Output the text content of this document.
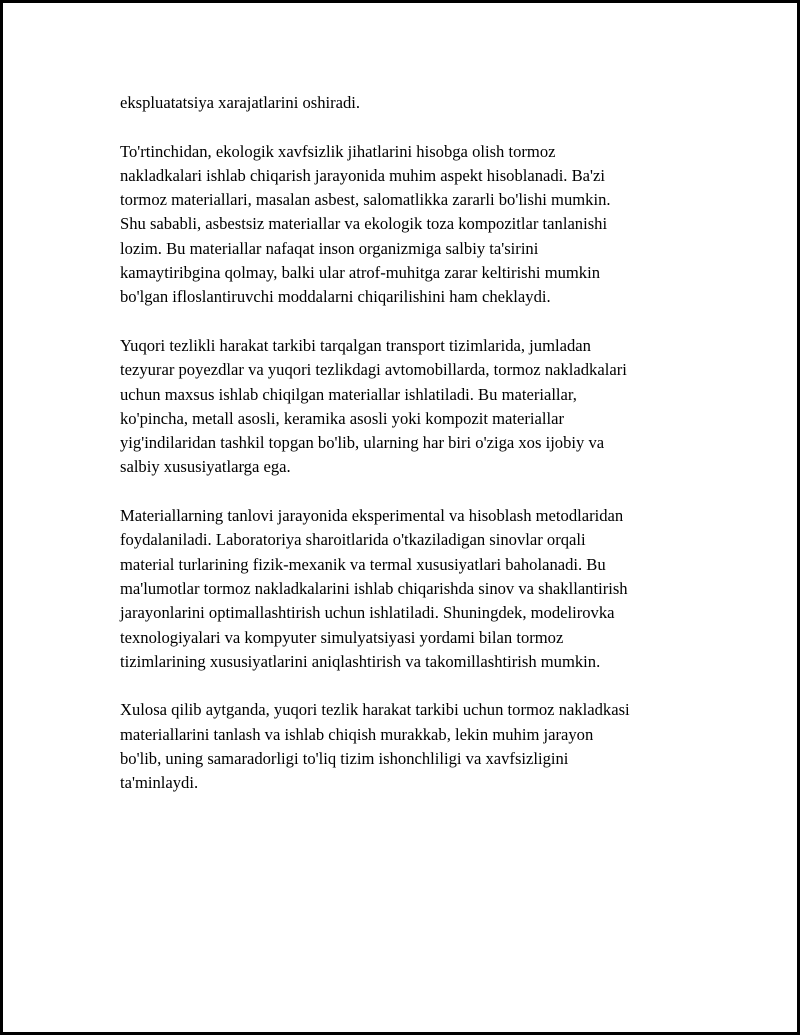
ekspluatatsiya xarajatlarini oshiradi.

To'rtinchidan, ekologik xavfsizlik jihatlarini hisobga olish tormoz
nakladkalari ishlab chiqarish jarayonida muhim aspekt hisoblanadi. Ba'zi
tormoz materiallari, masalan asbest, salomatlikka zararli bo'lishi mumkin.
Shu sababli, asbestsiz materiallar va ekologik toza kompozitlar tanlanishi
lozim. Bu materiallar nafaqat inson organizmiga salbiy ta'sirini
kamaytiribgina qolmay, balki ular atrof-muhitga zarar keltirishi mumkin
bo'lgan ifloslantiruvchi moddalarni chiqarilishini ham cheklaydi.

Yuqori tezlikli harakat tarkibi tarqalgan transport tizimlarida, jumladan
tezyurar poyezdlar va yuqori tezlikdagi avtomobillarda, tormoz nakladkalari
uchun maxsus ishlab chiqilgan materiallar ishlatiladi. Bu materiallar,
ko'pincha, metall asosli, keramika asosli yoki kompozit materiallar
yig'indilaridan tashkil topgan bo'lib, ularning har biri o'ziga xos ijobiy va
salbiy xususiyatlarga ega.

Materiallarning tanlovi jarayonida eksperimental va hisoblash metodlaridan
foydalaniladi. Laboratoriya sharoitlarida o'tkaziladigan sinovlar orqali
material turlarining fizik-mexanik va termal xususiyatlari baholanadi. Bu
ma'lumotlar tormoz nakladkalarini ishlab chiqarishda sinov va shakllantirish
jarayonlarini optimallashtirish uchun ishlatiladi. Shuningdek, modelirovka
texnologiyalari va kompyuter simulyatsiyasi yordami bilan tormoz
tizimlarining xususiyatlarini aniqlashtirish va takomillashtirish mumkin.

Xulosa qilib aytganda, yuqori tezlik harakat tarkibi uchun tormoz nakladkasi
materiallarini tanlash va ishlab chiqish murakkab, lekin muhim jarayon
bo'lib, uning samaradorligi to'liq tizim ishonchliligi va xavfsizligini
ta'minlaydi.
